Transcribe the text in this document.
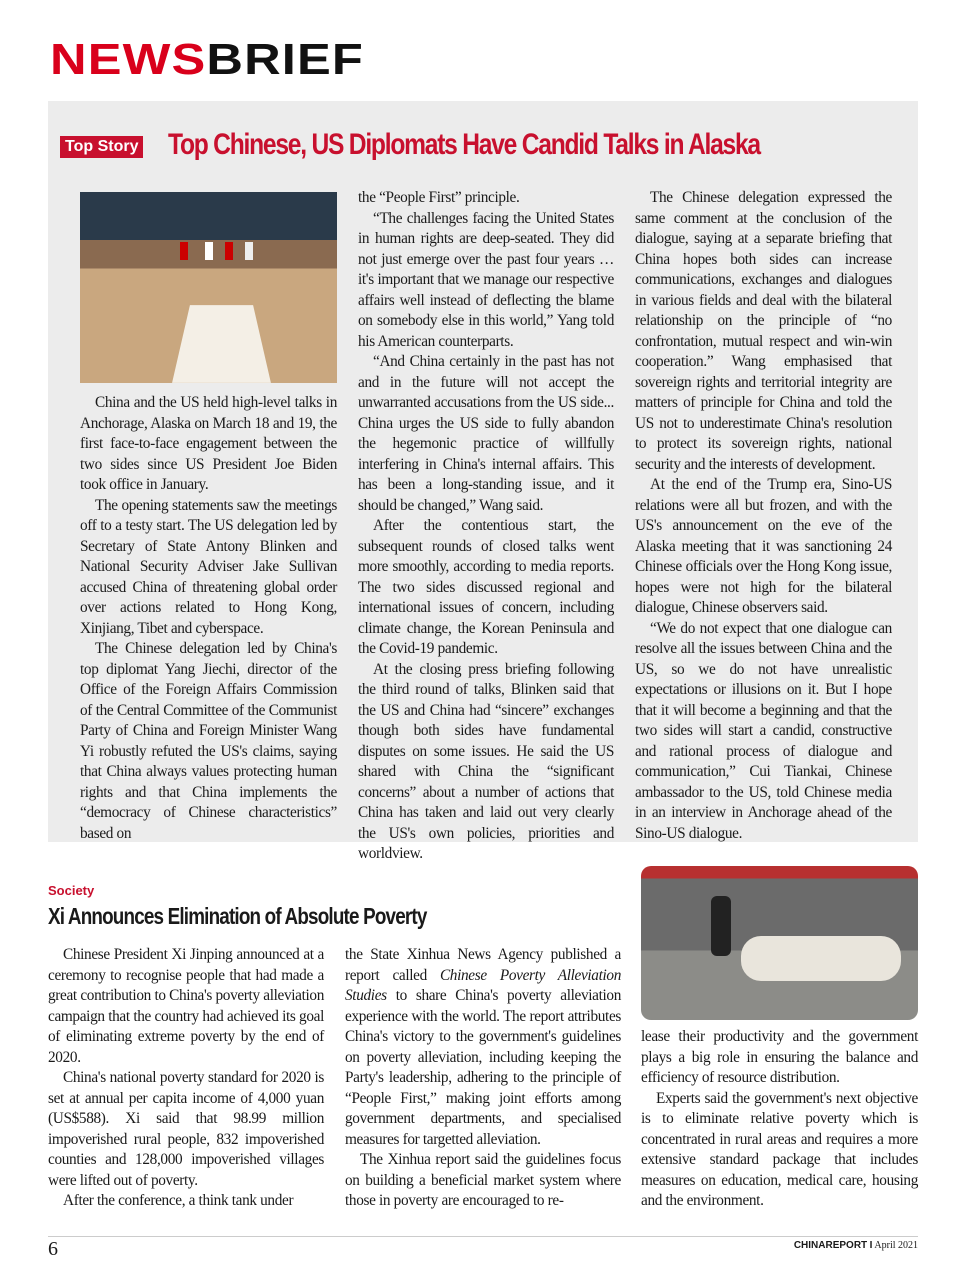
NEWSBRIEF
Top Story Top Chinese, US Diplomats Have Candid Talks in Alaska

China and the US held high-level talks in Anchorage, Alaska on March 18 and 19, the first face-to-face engagement between the two sides since US President Joe Biden took office in January.

The opening statements saw the meetings off to a testy start. The US delegation led by Secretary of State Antony Blinken and National Security Adviser Jake Sullivan accused China of threatening global order over actions related to Hong Kong, Xinjiang, Tibet and cyberspace.

The Chinese delegation led by China's top diplomat Yang Jiechi, director of the Office of the Foreign Affairs Commission of the Central Committee of the Communist Party of China and Foreign Minister Wang Yi robustly refuted the US's claims, saying that China always values protecting human rights and that China implements the “democracy of Chinese characteristics” based on

the “People First” principle.

“The challenges facing the United States in human rights are deep-seated. They did not just emerge over the past four years … it's important that we manage our respective affairs well instead of deflecting the blame on somebody else in this world,” Yang told his American counterparts.

“And China certainly in the past has not and in the future will not accept the unwarranted accusations from the US side... China urges the US side to fully abandon the hegemonic practice of willfully interfering in China's internal affairs. This has been a long-standing issue, and it should be changed,” Wang said.

After the contentious start, the subsequent rounds of closed talks went more smoothly, according to media reports. The two sides discussed regional and international issues of concern, including climate change, the Korean Peninsula and the Covid-19 pandemic.

At the closing press briefing following the third round of talks, Blinken said that the US and China had “sincere” exchanges though both sides have fundamental disputes on some issues. He said the US shared with China the “significant concerns” about a number of actions that China has taken and laid out very clearly the US's own policies, priorities and worldview.

The Chinese delegation expressed the same comment at the conclusion of the dialogue, saying at a separate briefing that China hopes both sides can increase communications, exchanges and dialogues in various fields and deal with the bilateral relationship on the principle of “no confrontation, mutual respect and win-win cooperation.” Wang emphasised that sovereign rights and territorial integrity are matters of principle for China and told the US not to underestimate China's resolution to protect its sovereign rights, national security and the interests of development.

At the end of the Trump era, Sino-US relations were all but frozen, and with the US's announcement on the eve of the Alaska meeting that it was sanctioning 24 Chinese officials over the Hong Kong issue, hopes were not high for the bilateral dialogue, Chinese observers said.

“We do not expect that one dialogue can resolve all the issues between China and the US, so we do not have unrealistic expectations or illusions on it. But I hope that it will become a beginning and that the two sides will start a candid, constructive and rational process of dialogue and communication,” Cui Tiankai, Chinese ambassador to the US, told Chinese media in an interview in Anchorage ahead of the Sino-US dialogue.

Society
Xi Announces Elimination of Absolute Poverty

Chinese President Xi Jinping announced at a ceremony to recognise people that had made a great contribution to China's poverty alleviation campaign that the country had achieved its goal of eliminating extreme poverty by the end of 2020.

China's national poverty standard for 2020 is set at annual per capita income of 4,000 yuan (US$588). Xi said that 98.99 million impoverished rural people, 832 impoverished counties and 128,000 impoverished villages were lifted out of poverty.

After the conference, a think tank under

the State Xinhua News Agency published a report called Chinese Poverty Alleviation Studies to share China's poverty alleviation experience with the world. The report attributes China's victory to the government's guidelines on poverty alleviation, including keeping the Party's leadership, adhering to the principle of “People First,” making joint efforts among government departments, and specialised measures for targetted alleviation.

The Xinhua report said the guidelines focus on building a beneficial market system where those in poverty are encouraged to re-

lease their productivity and the government plays a big role in ensuring the balance and efficiency of resource distribution.

Experts said the government's next objective is to eliminate relative poverty which is concentrated in rural areas and requires a more extensive standard package that includes measures on education, medical care, housing and the environment.

6	CHINAREPORT I April 2021
